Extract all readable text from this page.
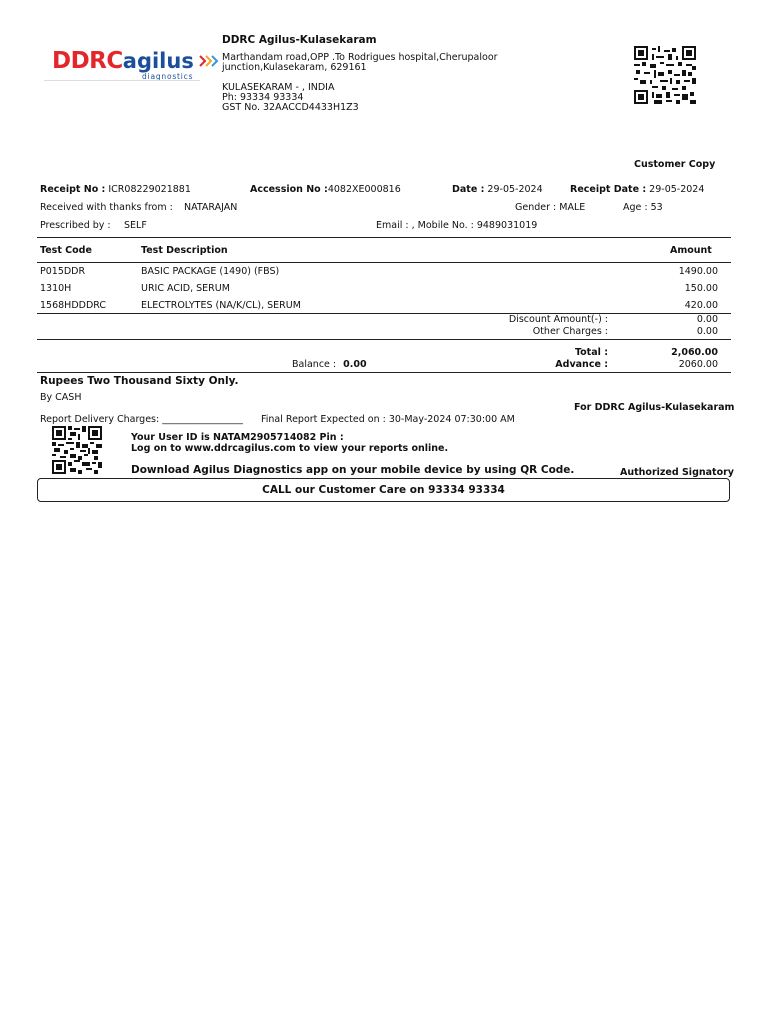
DDRCagilus
diagnostics
DDRC Agilus-Kulasekaram
Marthandam road,OPP .To Rodrigues hospital,Cherupaloor
junction,Kulasekaram, 629161
KULASEKARAM - , INDIA
Ph: 93334 93334
GST No. 32AACCD4433H1Z3
Customer Copy
Receipt No : ICR08229021881	Accession No :4082XE000816	Date : 29-05-2024	Receipt Date : 29-05-2024
Received with thanks from : NATARAJAN	Gender : MALE	Age : 53
Prescribed by : SELF	Email : , Mobile No. : 9489031019
Test Code	Test Description	Amount
P015DDR	BASIC PACKAGE (1490) (FBS)	1490.00
1310H	URIC ACID, SERUM	150.00
1568HDDDRC	ELECTROLYTES (NA/K/CL), SERUM	420.00
Discount Amount(-) :	0.00
Other Charges :	0.00
Total :	2,060.00
Balance : 0.00	Advance :	2060.00
Rupees Two Thousand Sixty Only.
By CASH
For DDRC Agilus-Kulasekaram
Report Delivery Charges: _________________ Final Report Expected on : 30-May-2024 07:30:00 AM
Your User ID is NATAM2905714082 Pin :
Log on to www.ddrcagilus.com to view your reports online.
Download Agilus Diagnostics app on your mobile device by using QR Code.	Authorized Signatory
CALL our Customer Care on 93334 93334
